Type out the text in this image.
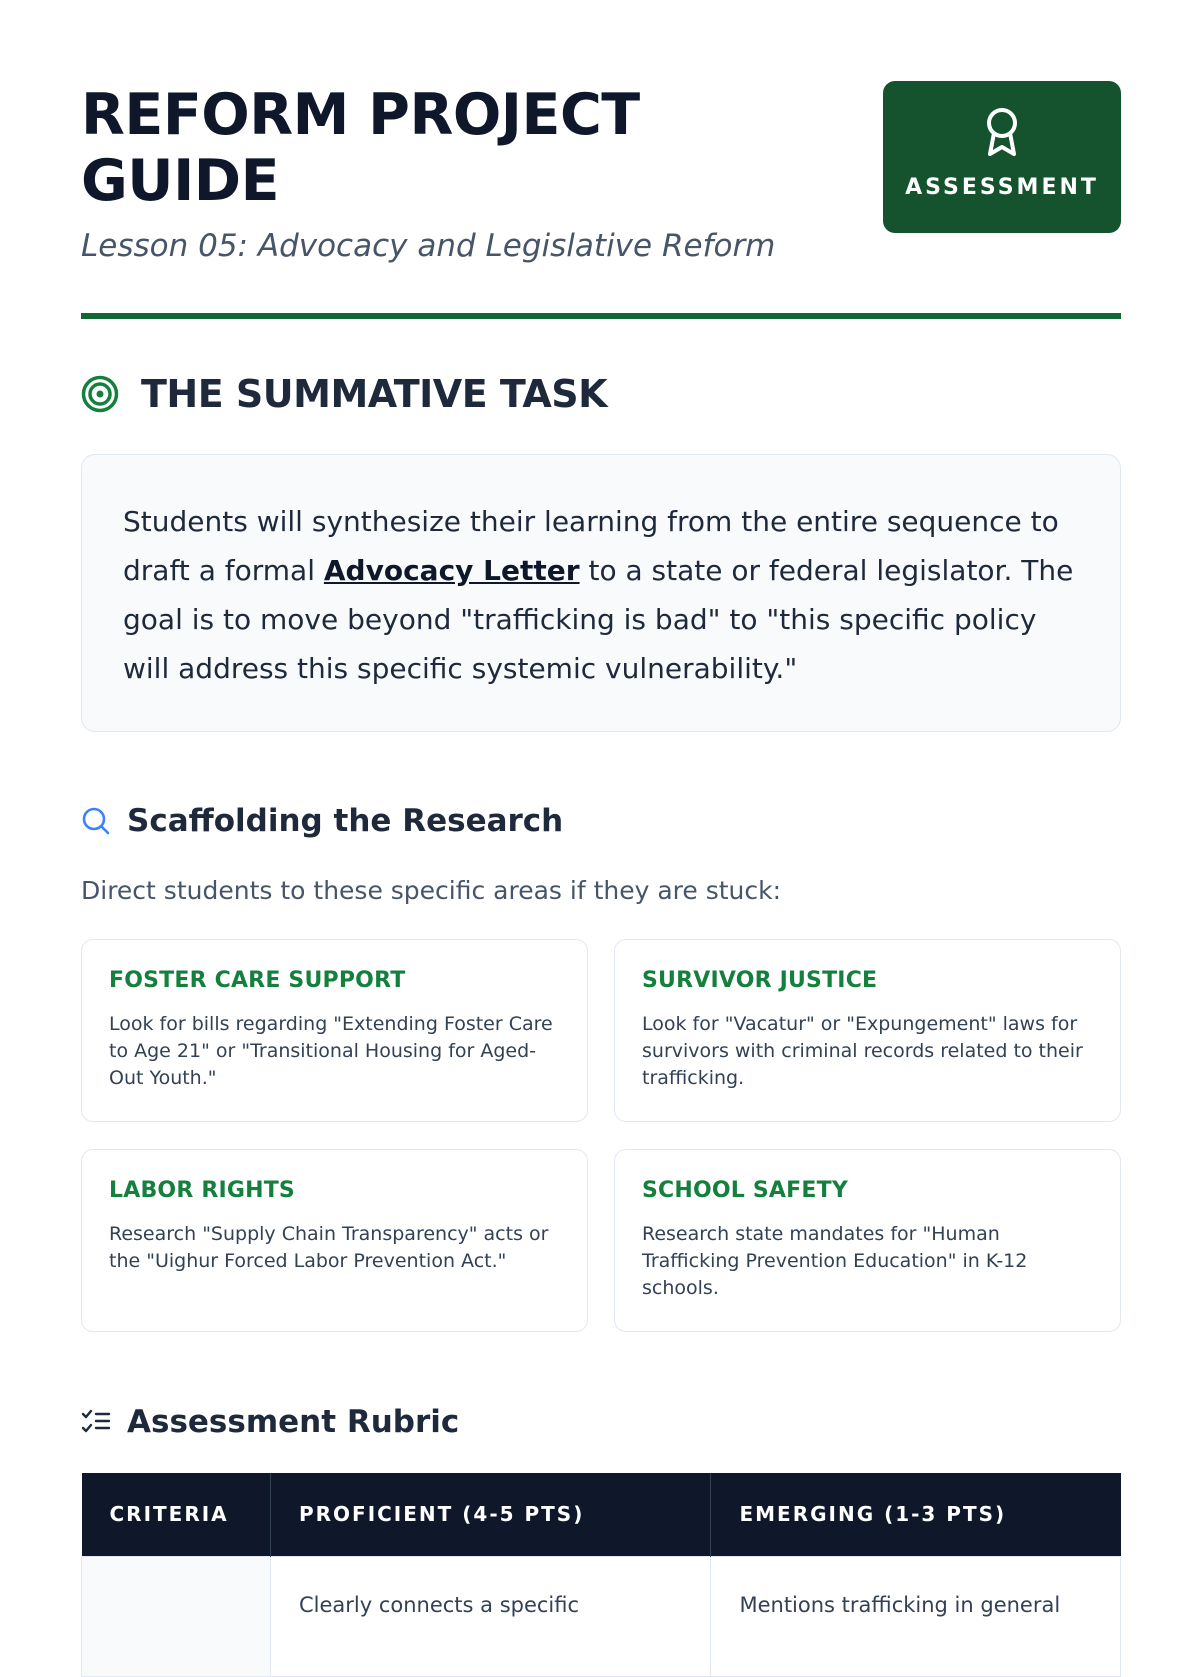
REFORM PROJECT GUIDE
Lesson 05: Advocacy and Legislative Reform
ASSESSMENT
THE SUMMATIVE TASK
Students will synthesize their learning from the entire sequence to draft a formal Advocacy Letter to a state or federal legislator. The goal is to move beyond "trafficking is bad" to "this specific policy will address this specific systemic vulnerability."
Scaffolding the Research
Direct students to these specific areas if they are stuck:
FOSTER CARE SUPPORT
Look for bills regarding "Extending Foster Care to Age 21" or "Transitional Housing for Aged-Out Youth."
SURVIVOR JUSTICE
Look for "Vacatur" or "Expungement" laws for survivors with criminal records related to their trafficking.
LABOR RIGHTS
Research "Supply Chain Transparency" acts or the "Uighur Forced Labor Prevention Act."
SCHOOL SAFETY
Research state mandates for "Human Trafficking Prevention Education" in K-12 schools.
Assessment Rubric
CRITERIA	PROFICIENT (4-5 PTS)	EMERGING (1-3 PTS)
	Clearly connects a specific	Mentions trafficking in general
